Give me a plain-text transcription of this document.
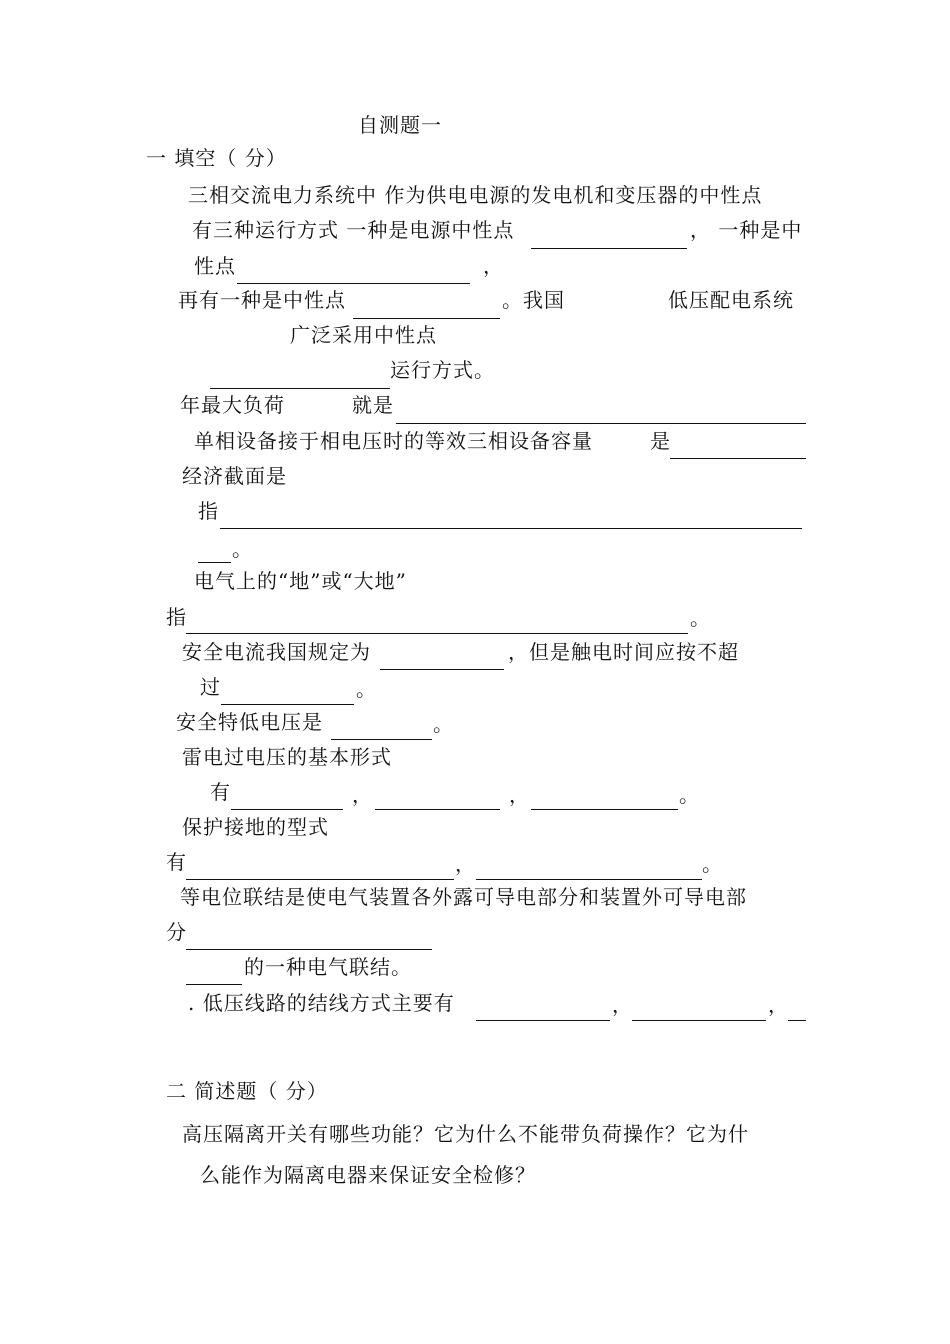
自测题一
一 填空（ 分）
三相交流电力系统中 作为供电电源的发电机和变压器的中性点
有三种运行方式 一种是电源中性点	， 一种是中
性点	，
再有一种是中性点	。我国	低压配电系统
广泛采用中性点
运行方式。
年最大负荷	就是
单相设备接于相电压时的等效三相设备容量	是
经济截面是
指
。
电气上的“地”或“大地”
指	。
安全电流我国规定为	，但是触电时间应按不超
过	。
安全特低电压是	。
雷电过电压的基本形式
有	，	，	。
保护接地的型式
有	，	。
等电位联结是使电气装置各外露可导电部分和装置外可导电部
分
的一种电气联结。
. 低压线路的结线方式主要有	，	，
二 简述题（ 分）
高压隔离开关有哪些功能？它为什么不能带负荷操作？它为什
么能作为隔离电器来保证安全检修？
